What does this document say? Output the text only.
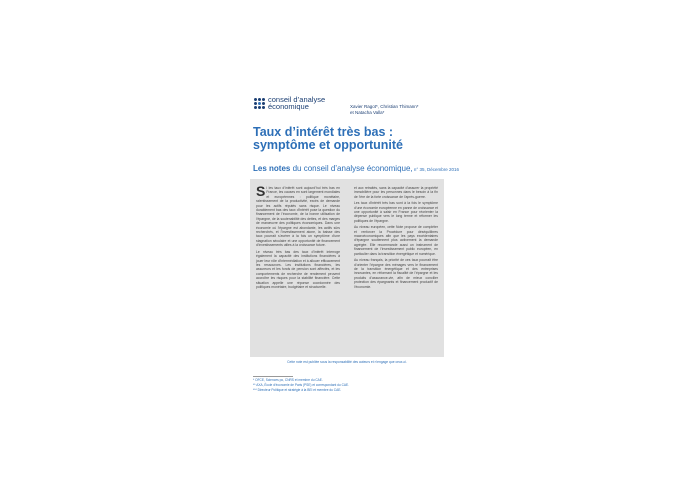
conseil d’analyse
économique	Xavier Ragot*, Christian Thimann*
et Natacha Valla*
Taux d’intérêt très bas :
symptôme et opportunité
Les notes du conseil d’analyse économique, n° 35, Décembre 2016
S i les taux d’intérêt sont aujourd’hui très bas en France, les causes en sont largement mondiales et européennes : politique monétaire, ralentissement de la productivité, excès de demande pour les actifs réputés sans risque. Le niveau durablement bas des taux d’intérêt pose la question du financement de l’économie, de la bonne utilisation de l’épargne, de la soutenabilité des dettes, et des marges de manœuvre des politiques économiques. Dans une économie où l’épargne est abondante, les actifs sûrs recherchés, et l’investissement atone, la baisse des taux pourrait s’avérer à la fois un symptôme d’une stagnation séculaire et une opportunité de financement d’investissements utiles à la croissance future.

Le niveau très bas des taux d’intérêt interroge également la capacité des institutions financières à jouer leur rôle d’intermédiation et à allouer efficacement les ressources. Les institutions financières, les assureurs et les fonds de pension sont affectés, et les comportements de recherche de rendement peuvent accroître les risques pour la stabilité financière. Cette situation appelle une réponse coordonnée des politiques monétaire, budgétaire et structurelle.

et aux retraités, sans la capacité d’assurer la propriété immobilière pour les personnes dans le besoin à la fin de l’ère de la forte croissance de l’après-guerre.

Les taux d’intérêt très bas sont à la fois le symptôme d’une économie européenne en panne de croissance et une opportunité à saisir en France pour réorienter la dépense publique vers le long terme et réformer les politiques de l’épargne.

Au niveau européen, cette Note propose de compléter et renforcer la Procédure pour déséquilibres macroéconomiques afin que les pays excédentaires d’épargne soutiennent plus activement la demande agrégée. Elle recommande aussi un instrument de financement de l’investissement public européen, en particulier dans la transition énergétique et numérique.

Au niveau français, la priorité de ces taux pourrait être d’orienter l’épargne des ménages vers le financement de la transition énergétique et des entreprises innovantes, en réformant la fiscalité de l’épargne et les produits d’assurance-vie, afin de mieux concilier protection des épargnants et financement productif de l’économie.

Cette note est publiée sous la responsabilité des auteurs et n’engage que ceux-ci.
* OFCE, Sciences po, CNRS et membre du CAE.
** AXA, École d’économie de Paris (PSE) et correspondant du CAE.
*** Directeur Politique et stratégie à la BEI et membre du CAE.
